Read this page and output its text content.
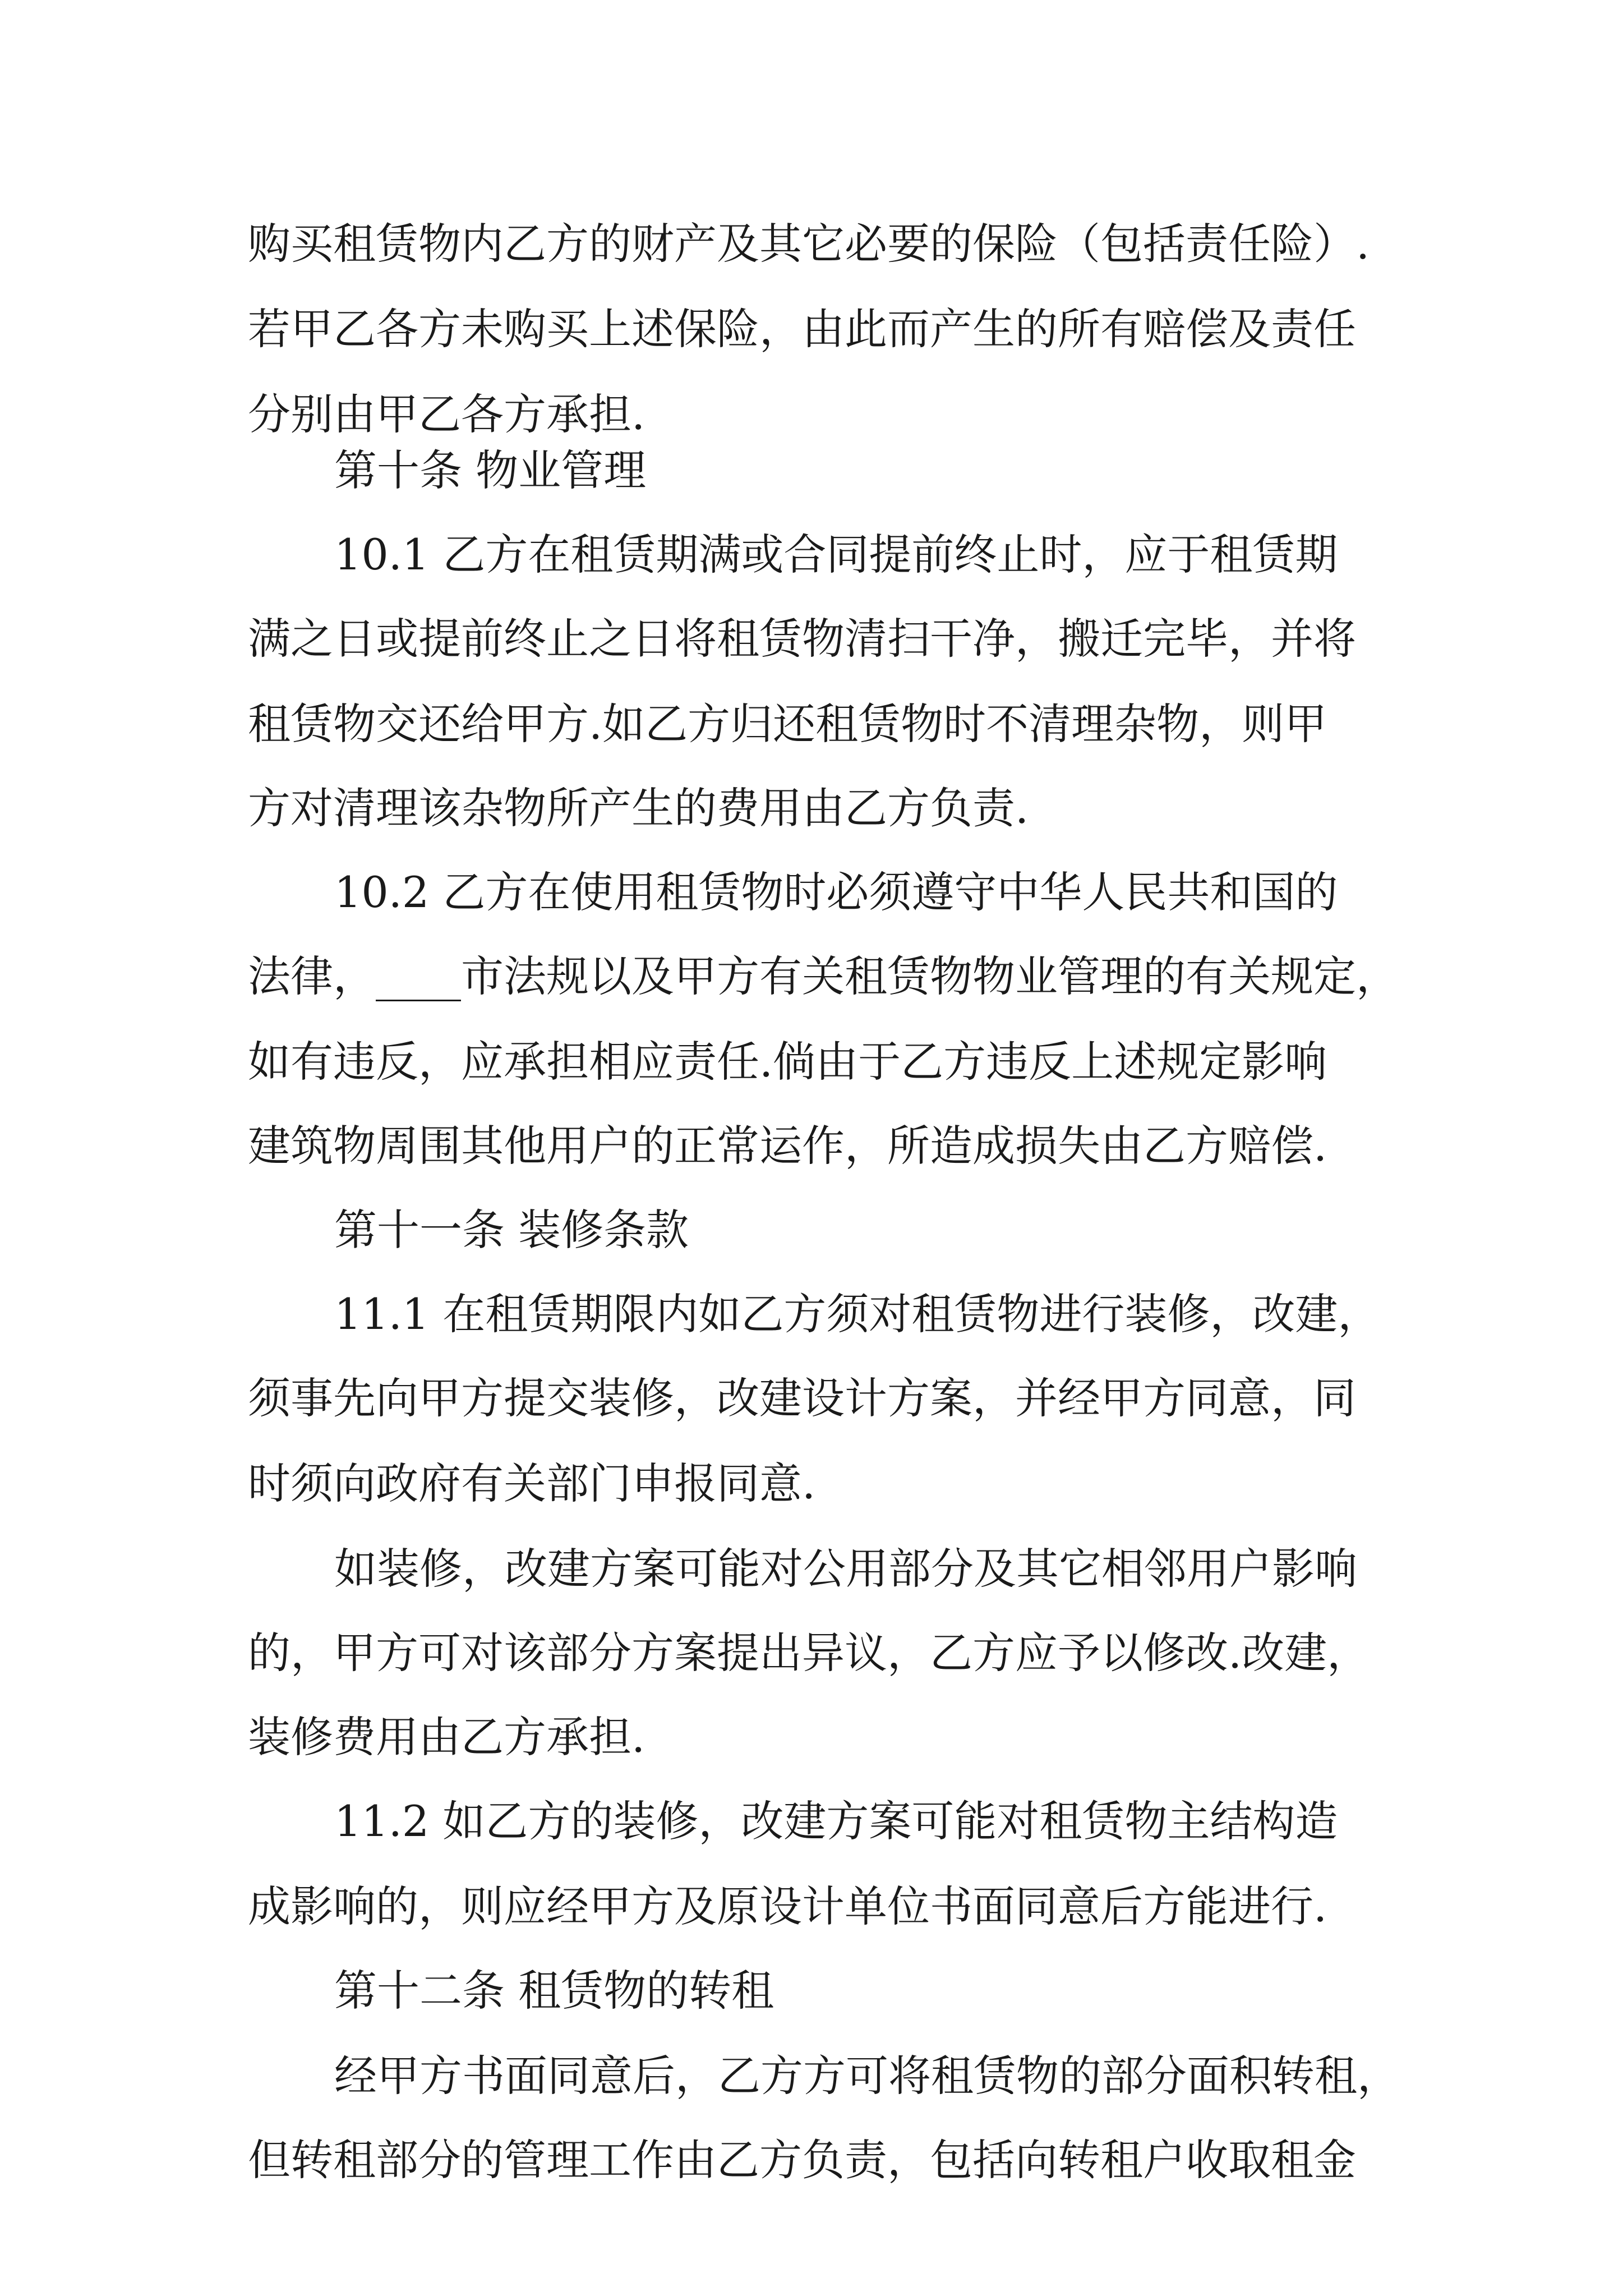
购买租赁物内乙方的财产及其它必要的保险（包括责任险）.

若甲乙各方未购买上述保险，由此而产生的所有赔偿及责任

分别由甲乙各方承担.

第十条 物业管理

10.1 乙方在租赁期满或合同提前终止时，应于租赁期

满之日或提前终止之日将租赁物清扫干净，搬迁完毕，并将

租赁物交还给甲方.如乙方归还租赁物时不清理杂物，则甲

方对清理该杂物所产生的费用由乙方负责.

10.2 乙方在使用租赁物时必须遵守中华人民共和国的

法律，____市法规以及甲方有关租赁物物业管理的有关规定，

如有违反，应承担相应责任.倘由于乙方违反上述规定影响

建筑物周围其他用户的正常运作，所造成损失由乙方赔偿.

第十一条 装修条款

11.1 在租赁期限内如乙方须对租赁物进行装修，改建，

须事先向甲方提交装修，改建设计方案，并经甲方同意，同

时须向政府有关部门申报同意.

如装修，改建方案可能对公用部分及其它相邻用户影响

的，甲方可对该部分方案提出异议，乙方应予以修改.改建，

装修费用由乙方承担.

11.2 如乙方的装修，改建方案可能对租赁物主结构造

成影响的，则应经甲方及原设计单位书面同意后方能进行.

第十二条 租赁物的转租

经甲方书面同意后，乙方方可将租赁物的部分面积转租，

但转租部分的管理工作由乙方负责，包括向转租户收取租金
